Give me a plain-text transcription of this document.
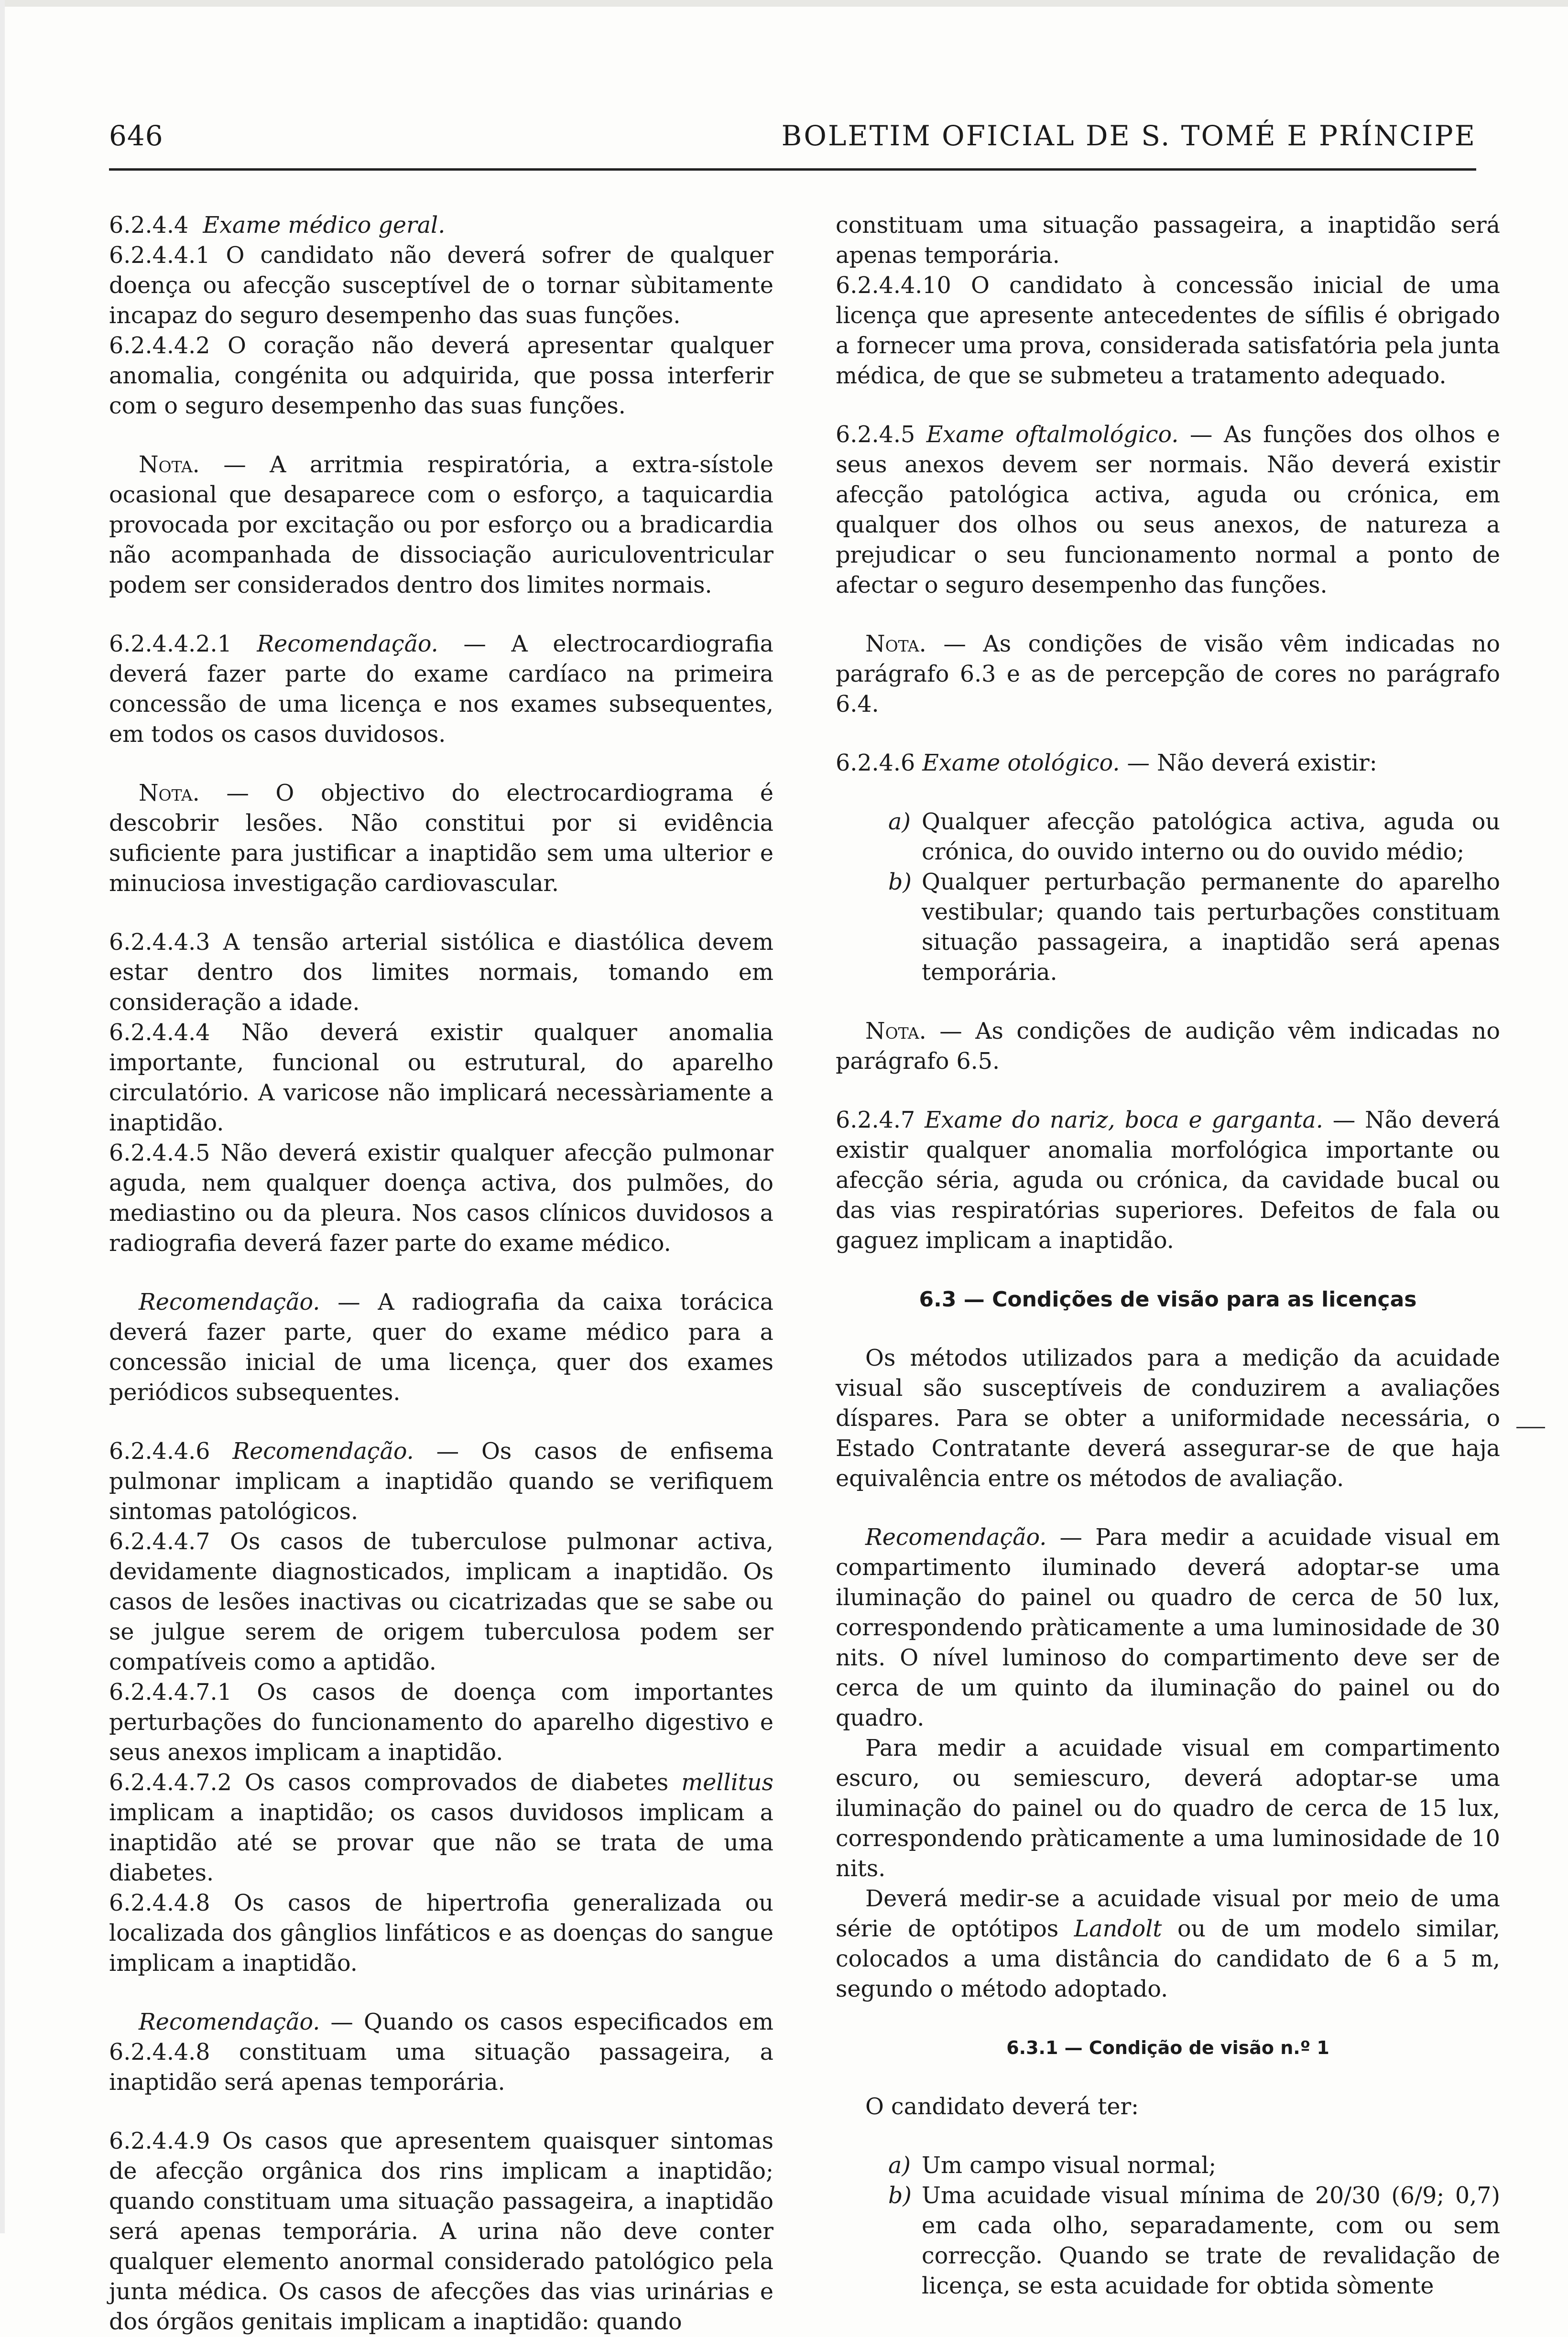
646	BOLETIM OFICIAL DE S. TOMÉ E PRÍNCIPE

6.2.4.4 Exame médico geral.

6.2.4.4.1 O candidato não deverá sofrer de qualquer doença ou afecção susceptível de o tornar sùbitamente incapaz do seguro desempenho das suas funções.

6.2.4.4.2 O coração não deverá apresentar qualquer anomalia, congénita ou adquirida, que possa interferir com o seguro desempenho das suas funções.

Nota. — A arritmia respiratória, a extra-sístole ocasional que desaparece com o esforço, a taquicardia provocada por excitação ou por esforço ou a bradicardia não acompanhada de dissociação auriculoventricular podem ser considerados dentro dos limites normais.

6.2.4.4.2.1 Recomendação. — A electrocardiografia deverá fazer parte do exame cardíaco na primeira concessão de uma licença e nos exames subsequentes, em todos os casos duvidosos.

Nota. — O objectivo do electrocardiograma é descobrir lesões. Não constitui por si evidência suficiente para justificar a inaptidão sem uma ulterior e minuciosa investigação cardiovascular.

6.2.4.4.3 A tensão arterial sistólica e diastólica devem estar dentro dos limites normais, tomando em consideração a idade.

6.2.4.4.4 Não deverá existir qualquer anomalia importante, funcional ou estrutural, do aparelho circulatório. A varicose não implicará necessàriamente a inaptidão.

6.2.4.4.5 Não deverá existir qualquer afecção pulmonar aguda, nem qualquer doença activa, dos pulmões, do mediastino ou da pleura. Nos casos clínicos duvidosos a radiografia deverá fazer parte do exame médico.

Recomendação. — A radiografia da caixa torácica deverá fazer parte, quer do exame médico para a concessão inicial de uma licença, quer dos exames periódicos subsequentes.

6.2.4.4.6 Recomendação. — Os casos de enfisema pulmonar implicam a inaptidão quando se verifiquem sintomas patológicos.

6.2.4.4.7 Os casos de tuberculose pulmonar activa, devidamente diagnosticados, implicam a inaptidão. Os casos de lesões inactivas ou cicatrizadas que se sabe ou se julgue serem de origem tuberculosa podem ser compatíveis como a aptidão.

6.2.4.4.7.1 Os casos de doença com importantes perturbações do funcionamento do aparelho digestivo e seus anexos implicam a inaptidão.

6.2.4.4.7.2 Os casos comprovados de diabetes mellitus implicam a inaptidão; os casos duvidosos implicam a inaptidão até se provar que não se trata de uma diabetes.

6.2.4.4.8 Os casos de hipertrofia generalizada ou localizada dos gânglios linfáticos e as doenças do sangue implicam a inaptidão.

Recomendação. — Quando os casos especificados em 6.2.4.4.8 constituam uma situação passageira, a inaptidão será apenas temporária.

6.2.4.4.9 Os casos que apresentem quaisquer sintomas de afecção orgânica dos rins implicam a inaptidão; quando constituam uma situação passageira, a inaptidão será apenas temporária. A urina não deve conter qualquer elemento anormal considerado patológico pela junta médica. Os casos de afecções das vias urinárias e dos órgãos genitais implicam a inaptidão: quando

constituam uma situação passageira, a inaptidão será apenas temporária.

6.2.4.4.10 O candidato à concessão inicial de uma licença que apresente antecedentes de sífilis é obrigado a fornecer uma prova, considerada satisfatória pela junta médica, de que se submeteu a tratamento adequado.

6.2.4.5 Exame oftalmológico. — As funções dos olhos e seus anexos devem ser normais. Não deverá existir afecção patológica activa, aguda ou crónica, em qualquer dos olhos ou seus anexos, de natureza a prejudicar o seu funcionamento normal a ponto de afectar o seguro desempenho das funções.

Nota. — As condições de visão vêm indicadas no parágrafo 6.3 e as de percepção de cores no parágrafo 6.4.

6.2.4.6 Exame otológico. — Não deverá existir:

a) Qualquer afecção patológica activa, aguda ou crónica, do ouvido interno ou do ouvido médio;
b) Qualquer perturbação permanente do aparelho vestibular; quando tais perturbações constituam situação passageira, a inaptidão será apenas temporária.

Nota. — As condições de audição vêm indicadas no parágrafo 6.5.

6.2.4.7 Exame do nariz, boca e garganta. — Não deverá existir qualquer anomalia morfológica importante ou afecção séria, aguda ou crónica, da cavidade bucal ou das vias respiratórias superiores. Defeitos de fala ou gaguez implicam a inaptidão.

6.3 — Condições de visão para as licenças

Os métodos utilizados para a medição da acuidade visual são susceptíveis de conduzirem a avaliações díspares. Para se obter a uniformidade necessária, o Estado Contratante deverá assegurar-se de que haja equivalência entre os métodos de avaliação.

Recomendação. — Para medir a acuidade visual em compartimento iluminado deverá adoptar-se uma iluminação do painel ou quadro de cerca de 50 lux, correspondendo pràticamente a uma luminosidade de 30 nits. O nível luminoso do compartimento deve ser de cerca de um quinto da iluminação do painel ou do quadro.

Para medir a acuidade visual em compartimento escuro, ou semiescuro, deverá adoptar-se uma iluminação do painel ou do quadro de cerca de 15 lux, correspondendo pràticamente a uma luminosidade de 10 nits.

Deverá medir-se a acuidade visual por meio de uma série de optótipos Landolt ou de um modelo similar, colocados a uma distância do candidato de 6 a 5 m, segundo o método adoptado.

6.3.1 — Condição de visão n.º 1

O candidato deverá ter:

a) Um campo visual normal;
b) Uma acuidade visual mínima de 20/30 (6/9; 0,7) em cada olho, separadamente, com ou sem correcção. Quando se trate de revalidação de licença, se esta acuidade for obtida sòmente
